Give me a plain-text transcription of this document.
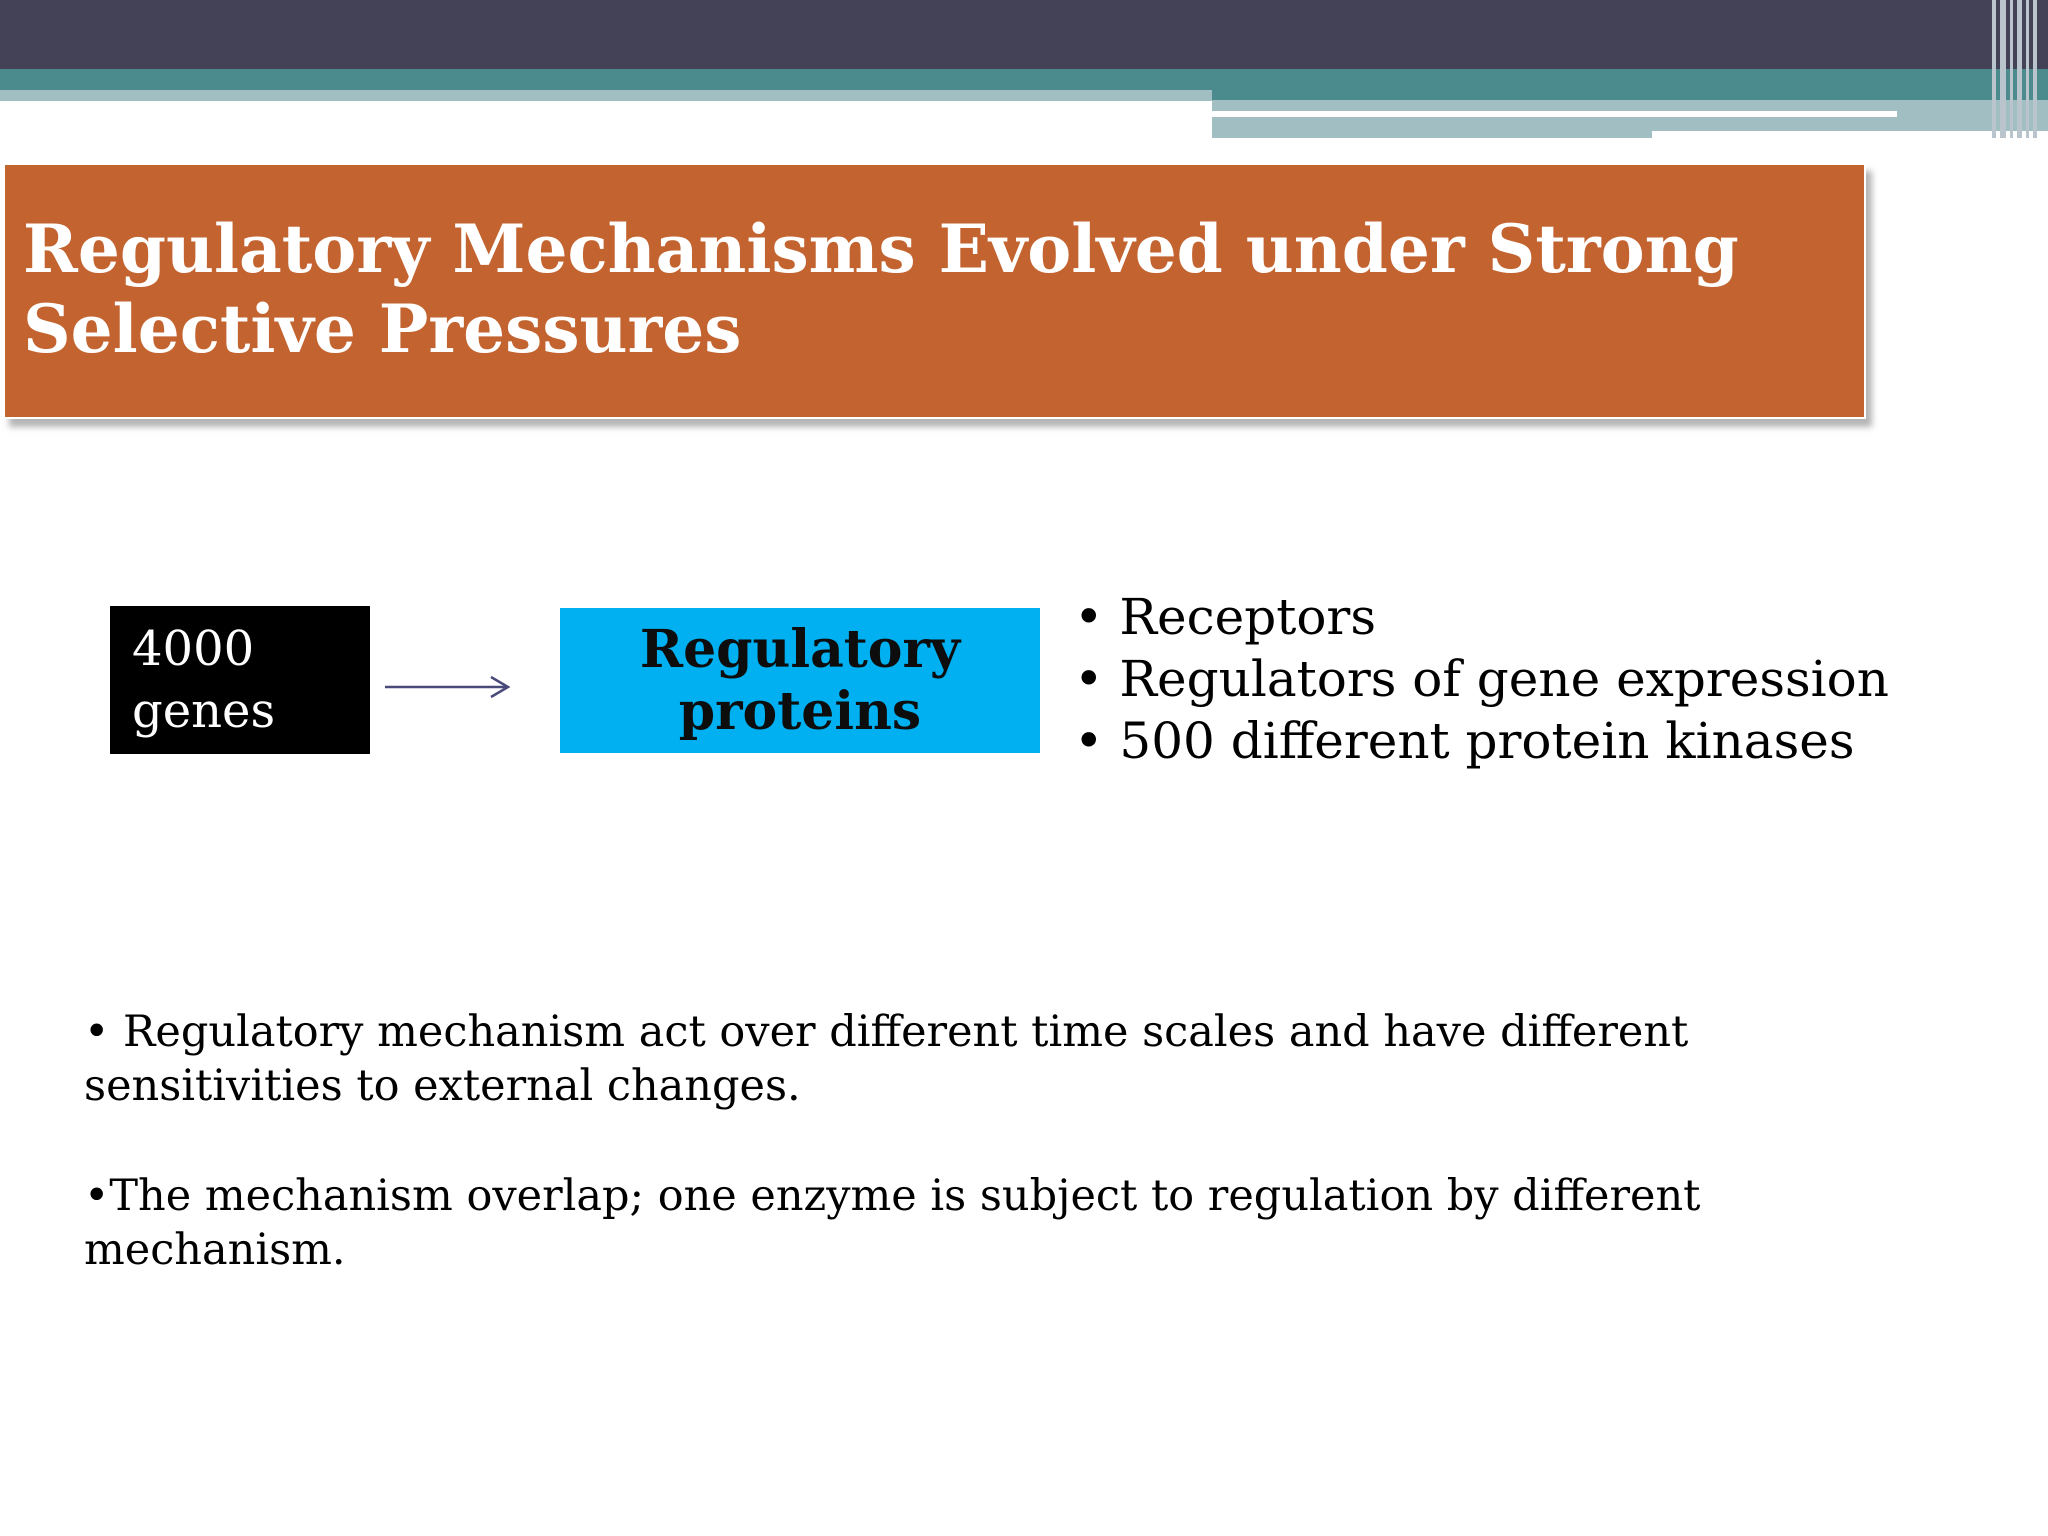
Regulatory Mechanisms Evolved under Strong
Selective Pressures
4000
genes
Regulatory
proteins
• Receptors
• Regulators of gene expression
• 500 different protein kinases

• Regulatory mechanism act over different time scales and have different sensitivities to external changes.

•The mechanism overlap; one enzyme is subject to regulation by different mechanism.
